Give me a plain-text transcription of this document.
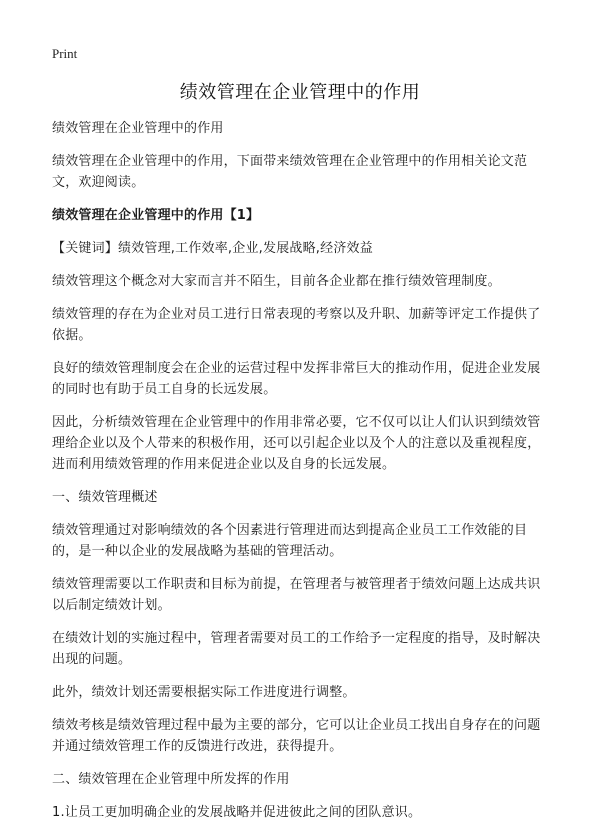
Print
绩效管理在企业管理中的作用

绩效管理在企业管理中的作用

绩效管理在企业管理中的作用，下面带来绩效管理在企业管理中的作用相关论文范文，欢迎阅读。

绩效管理在企业管理中的作用【1】

【关键词】绩效管理,工作效率,企业,发展战略,经济效益

绩效管理这个概念对大家而言并不陌生，目前各企业都在推行绩效管理制度。

绩效管理的存在为企业对员工进行日常表现的考察以及升职、加薪等评定工作提供了依据。

良好的绩效管理制度会在企业的运营过程中发挥非常巨大的推动作用，促进企业发展的同时也有助于员工自身的长远发展。

因此，分析绩效管理在企业管理中的作用非常必要，它不仅可以让人们认识到绩效管理给企业以及个人带来的积极作用，还可以引起企业以及个人的注意以及重视程度，进而利用绩效管理的作用来促进企业以及自身的长远发展。

一、绩效管理概述

绩效管理通过对影响绩效的各个因素进行管理进而达到提高企业员工工作效能的目的，是一种以企业的发展战略为基础的管理活动。

绩效管理需要以工作职责和目标为前提，在管理者与被管理者于绩效问题上达成共识以后制定绩效计划。

在绩效计划的实施过程中，管理者需要对员工的工作给予一定程度的指导，及时解决出现的问题。

此外，绩效计划还需要根据实际工作进度进行调整。

绩效考核是绩效管理过程中最为主要的部分，它可以让企业员工找出自身存在的问题并通过绩效管理工作的反馈进行改进，获得提升。

二、绩效管理在企业管理中所发挥的作用

1.让员工更加明确企业的发展战略并促进彼此之间的团队意识。
